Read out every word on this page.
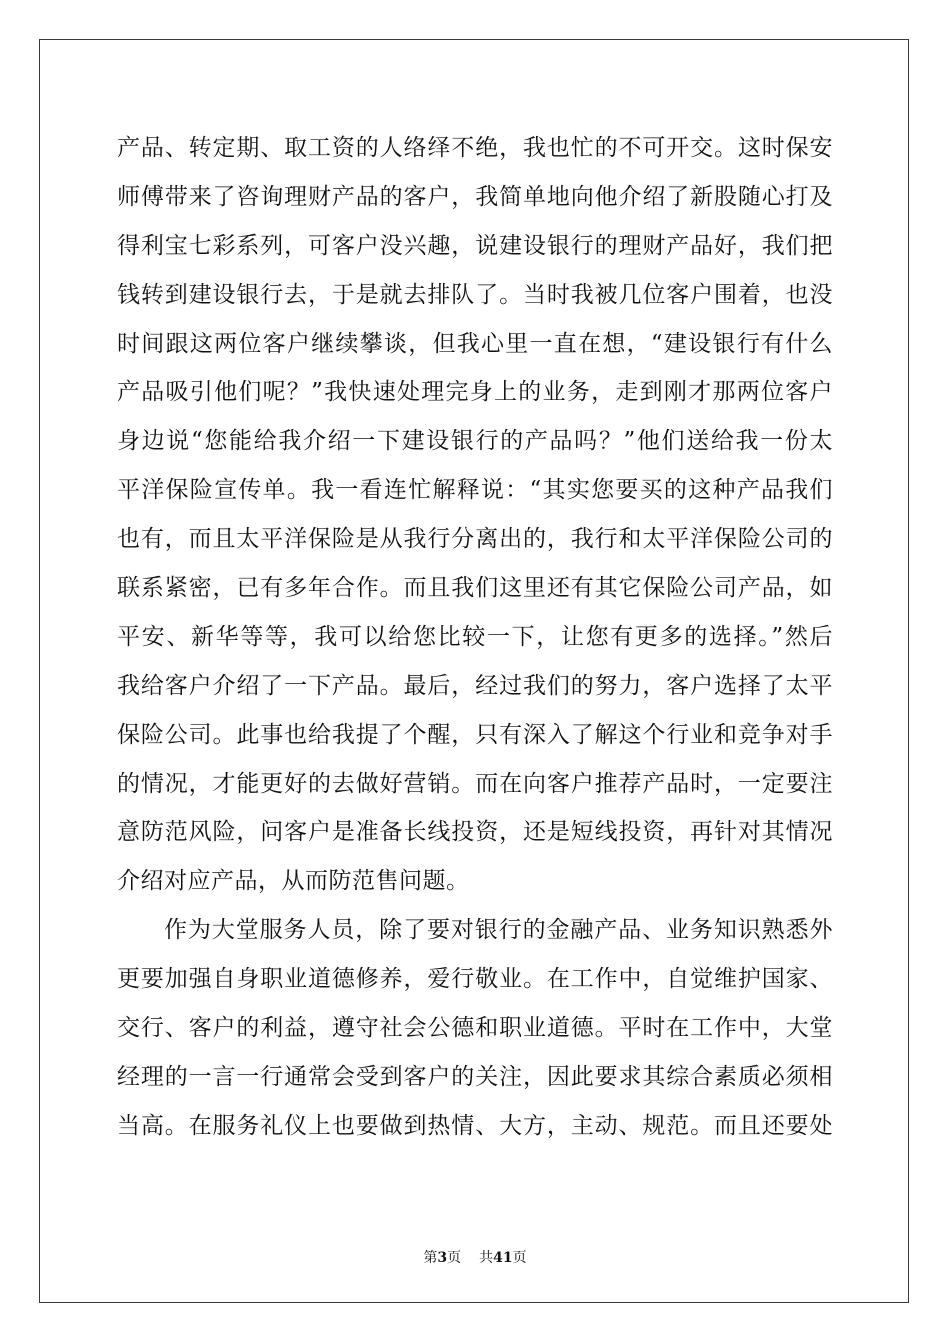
产品、转定期、取工资的人络绎不绝，我也忙的不可开交。这时保安
师傅带来了咨询理财产品的客户，我简单地向他介绍了新股随心打及
得利宝七彩系列，可客户没兴趣，说建设银行的理财产品好，我们把
钱转到建设银行去，于是就去排队了。当时我被几位客户围着，也没
时间跟这两位客户继续攀谈，但我心里一直在想，“建设银行有什么
产品吸引他们呢？”我快速处理完身上的业务，走到刚才那两位客户
身边说“您能给我介绍一下建设银行的产品吗？”他们送给我一份太
平洋保险宣传单。我一看连忙解释说：“其实您要买的这种产品我们
也有，而且太平洋保险是从我行分离出的，我行和太平洋保险公司的
联系紧密，已有多年合作。而且我们这里还有其它保险公司产品，如
平安、新华等等，我可以给您比较一下，让您有更多的选择。”然后
我给客户介绍了一下产品。最后，经过我们的努力，客户选择了太平
保险公司。此事也给我提了个醒，只有深入了解这个行业和竞争对手
的情况，才能更好的去做好营销。而在向客户推荐产品时，一定要注
意防范风险，问客户是准备长线投资，还是短线投资，再针对其情况
介绍对应产品，从而防范售问题。
作为大堂服务人员，除了要对银行的金融产品、业务知识熟悉外
更要加强自身职业道德修养，爱行敬业。在工作中，自觉维护国家、
交行、客户的利益，遵守社会公德和职业道德。平时在工作中，大堂
经理的一言一行通常会受到客户的关注，因此要求其综合素质必须相
当高。在服务礼仪上也要做到热情、大方，主动、规范。而且还要处
第3页 共41页
